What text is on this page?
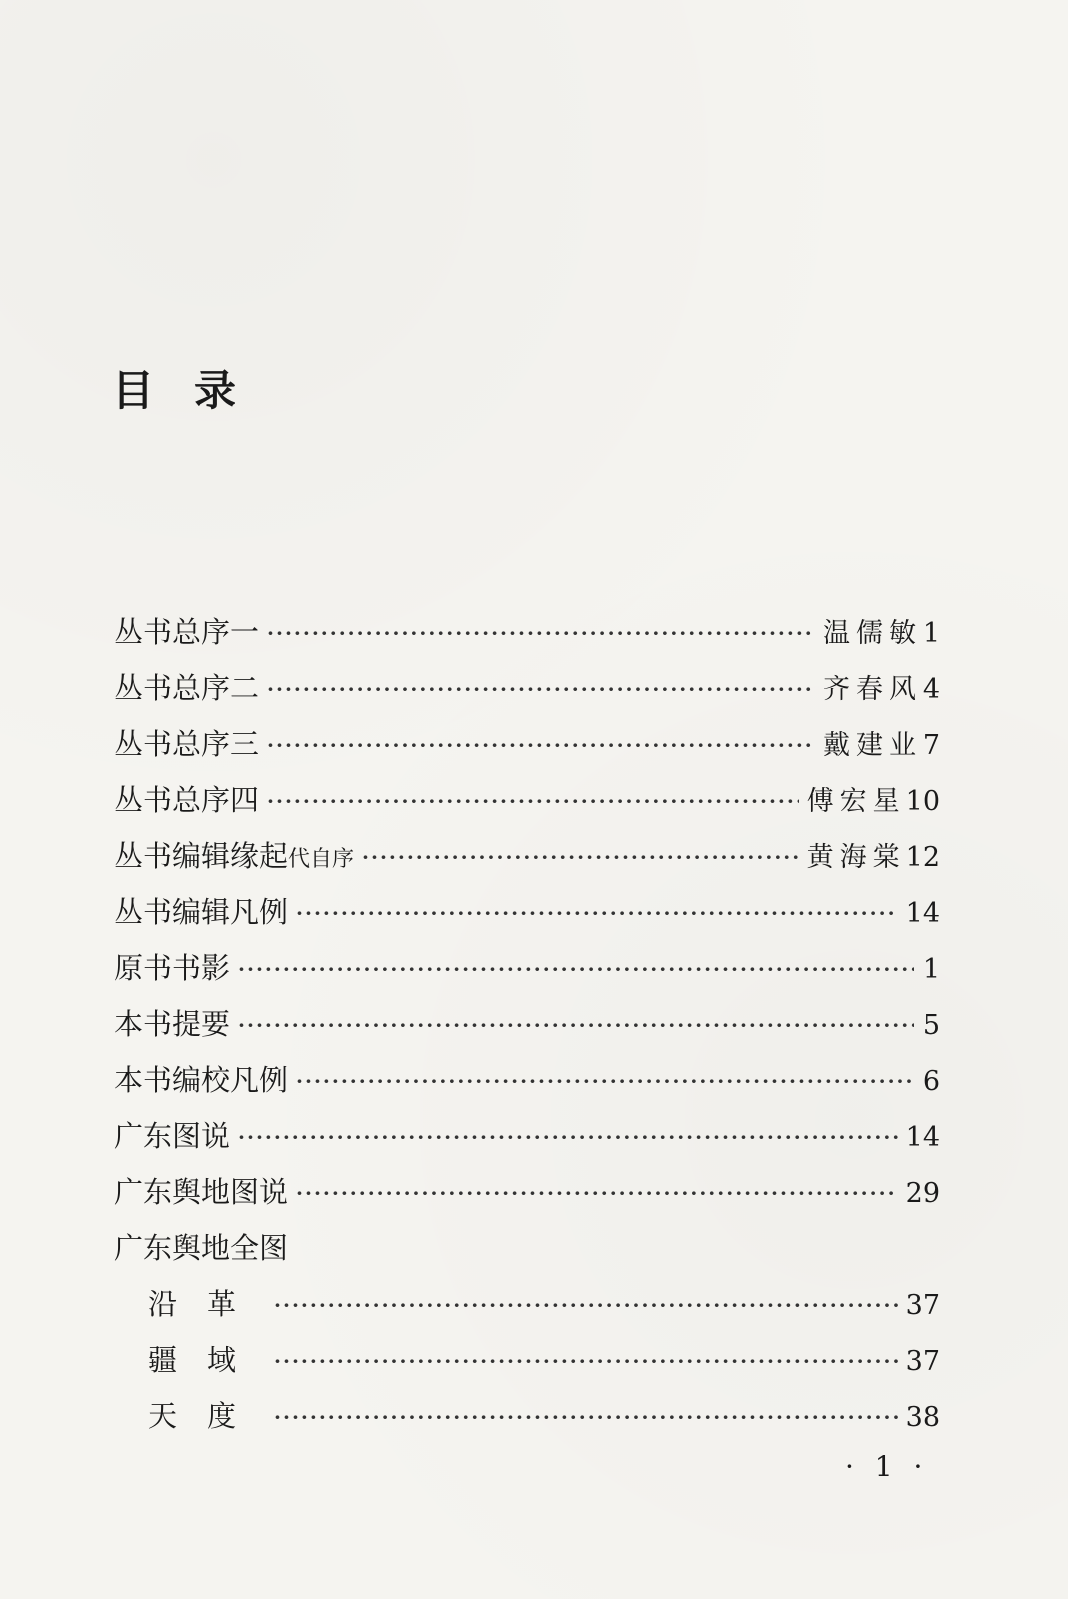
目录
丛书总序一 ·····	温儒敏 1
丛书总序二 ·····	齐春风 4
丛书总序三 ·····	戴建业 7
丛书总序四 ·····	傅宏星 10
丛书编辑缘起 代自序 ·····	黄海棠 12
丛书编辑凡例 ·····	14
原书书影 ·····	1
本书提要 ·····	5
本书编校凡例 ·····	6
广东图说 ·····	14
广东舆地图说 ·····	29
广东舆地全图
沿革 ·····	37
疆域 ·····	37
天度 ·····	38
· 1 ·
